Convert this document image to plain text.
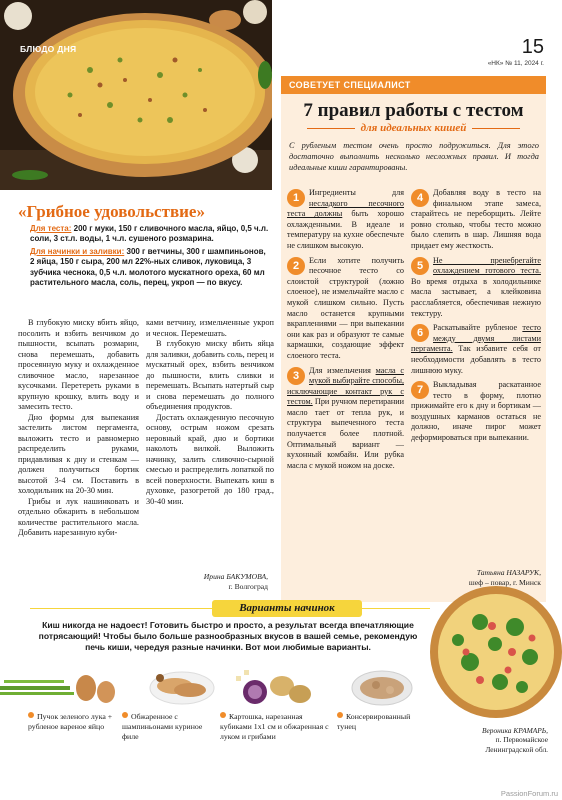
БЛЮДО ДНЯ	15
«НК» № 11, 2024 г.
СОВЕТУЕТ СПЕЦИАЛИСТ
7 правил работы с тестом
для идеальных кишей
С рубленым тестом очень просто подружиться. Для этого достаточно выполнить несколько несложных правил. И тогда идеальные киши гарантированы.
1	Ингредиенты для несладкого песочного теста должны быть хорошо охлажденными. В идеале и температуру на кухне обеспечьте не слишком высокую.
2	Если хотите получить песочное тесто со слоистой структурой (ложно слоеное), не измельчайте масло с мукой слишком сильно. Пусть масло останется крупными вкраплениями — при выпекании они как раз и образуют те самые кармашки, создающие эффект слоеного теста.
3	Для измельчения масла с мукой выбирайте способы, исключающие контакт рук с тестом. При ручном перетирании масло тает от тепла рук, и структура выпеченного теста получается более плотной. Оптимальный вариант — кухонный комбайн. Или рубка масла с мукой ножом на доске.
4	Добавляя воду в тесто на финальном этапе замеса, старайтесь не переборщить. Лейте ровно столько, чтобы тесто можно было слепить в шар. Лишняя вода придает ему жесткость.
5	Не пренебрегайте охлаждением готового теста. Во время отдыха в холодильнике масла застывает, а клейковина расслабляется, обеспечивая нежную текстуру.
6	Раскатывайте рубленое тесто между двумя листами пергамента. Так избавите себя от необходимости добавлять в тесто лишнюю муку.
7	Выкладывая раскатанное тесто в форму, плотно прижимайте его к дну и бортикам — воздушных карманов остаться не должно, иначе пирог может деформироваться при выпекании.
Татьяна НАЗАРУК,
шеф – повар, г. Минск
«Грибное удовольствие»

Для теста: 200 г муки, 150 г сливочного масла, яйцо, 0,5 ч.л. соли, 3 ст.л. воды, 1 ч.л. сушеного розмарина.

Для начинки и заливки: 300 г ветчины, 300 г шампиньонов, 2 яйца, 150 г сыра, 200 мл 22%-ных сливок, луковица, 3 зубчика чеснока, 0,5 ч.л. молотого мускатного ореха, 60 мл растительного масла, соль, перец, укроп — по вкусу.

В глубокую миску вбить яйцо, посолить и взбить венчиком до пышности, всыпать розмарин, снова перемешать, добавить просеянную муку и охлажденное сливочное масло, нарезанное кусочками. Перетереть руками в крупную крошку, влить воду и замесить тесто.

Дно формы для выпекания застелить листом пергамента, выложить тесто и равномерно распределить руками, придавливая к дну и стенкам — должен получиться бортик высотой 3-4 см. Поставить в холодильник на 20-30 мин.

Грибы и лук нашинковать и отдельно обжарить в небольшом количестве растительного масла. Добавить нарезанную куби-

ками ветчину, измельченные укроп и чеснок. Перемешать.

В глубокую миску вбить яйца для заливки, добавить соль, перец и мускатный орех, взбить венчиком до пышности, влить сливки и перемешать. Всыпать натертый сыр и снова перемешать до полного объединения продуктов.

Достать охлажденную песочную основу, острым ножом срезать неровный край, дно и бортики наколоть вилкой. Выложить начинку, залить сливочно-сырной смесью и распределить лопаткой по всей поверхности. Выпекать киш в духовке, разогретой до 180 град., 30-40 мин.

Ирина БАКУМОВА,
г. Волгоград
Варианты начинок
Киш никогда не надоест! Готовить быстро и просто, а результат всегда впечатляющие потрясающий! Чтобы было больше разнообразных вкусов в вашей семье, рекомендую печь киши, чередуя разные начинки. Вот мои любимые варианты.
Пучок зеленого лука + рубленое вареное яйцо
Обжаренное с шампиньонами куриное филе
Картошка, нарезанная кубиками 1х1 см и обжаренная с луком и грибами
Консервированный тунец	Вероника КРАМАРЬ,
п. Первомайское
Ленинградской обл.
PassionForum.ru
